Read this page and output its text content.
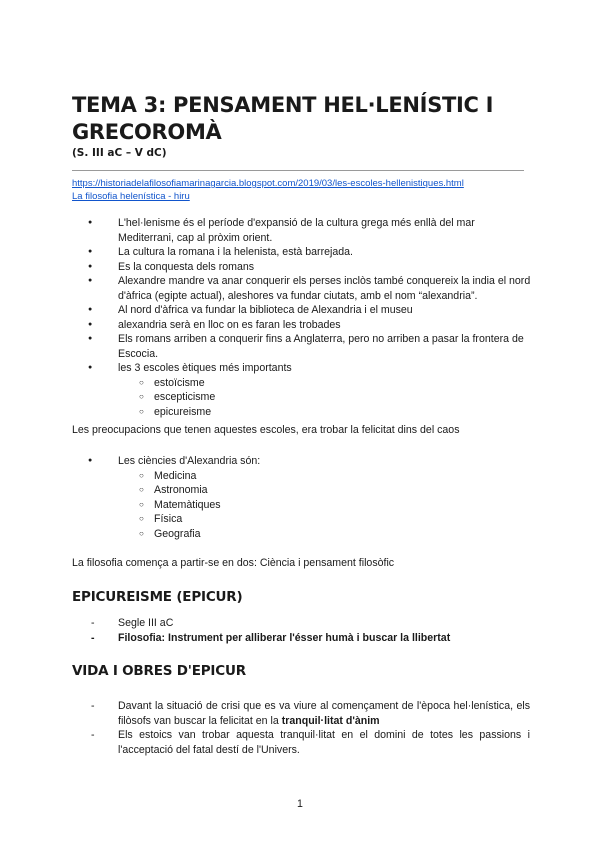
TEMA 3: PENSAMENT HEL·LENÍSTIC I GRECOROMÀ

(S. III aC – V dC)

https://historiadelafilosofiamarinagarcia.blogspot.com/2019/03/les-escoles-hellenistiques.html
La filosofia helenística - hiru
● L'hel·lenisme és el període d'expansió de la cultura grega més enllà del mar Mediterrani, cap al pròxim orient.
● La cultura la romana i la helenista, està barrejada.
● Es la conquesta dels romans
● Alexandre mandre va anar conquerir els perses inclòs també conquereix la india el nord d'àfrica (egipte actual), aleshores va fundar ciutats, amb el nom “alexandria”.
● Al nord d'àfrica va fundar la biblioteca de Alexandria i el museu
● alexandria serà en lloc on es faran les trobades
● Els romans arriben a conquerir fins a Anglaterra, pero no arriben a pasar la frontera de Escocia.
● les 3 escoles ètiques més importants
○ estoïcisme
○ escepticisme
○ epicureisme

Les preocupacions que tenen aquestes escoles, era trobar la felicitat dins del caos

● Les ciències d'Alexandria són:
○ Medicina
○ Astronomia
○ Matemàtiques
○ Física
○ Geografia

La filosofia comença a partir-se en dos: Ciència i pensament filosòfic

EPICUREISME (EPICUR)
- Segle III aC
- Filosofia: Instrument per alliberar l'ésser humà i buscar la llibertat
VIDA I OBRES D'EPICUR
- Davant la situació de crisi que es va viure al començament de l'època hel·lenística, els filòsofs van buscar la felicitat en la tranquil·litat d'ànim
- Els estoics van trobar aquesta tranquil·litat en el domini de totes les passions i l'acceptació del fatal destí de l'Univers.
1
